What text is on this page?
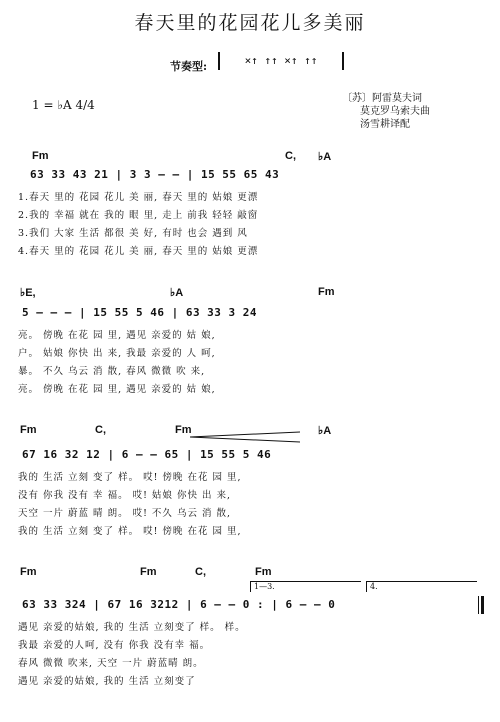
春天里的花园花儿多美丽
节奏型:	×↑ ↑↑ ×↑ ↑↑
1 = ♭A 4/4	〔苏〕阿雷莫夫词
莫克罗乌索夫曲
汤雪耕译配
Fm	C, ♭A
63 33 43 21 | 3 3 — — | 15 55 65 43
1.春天 里的 花园 花儿 美 丽, 春天 里的 姑娘 更漂
2.我的 幸福 就在 我的 眼 里, 走上 前我 轻轻 敲窗
3.我们 大家 生活 都很 美 好, 有时 也会 遇到 风
4.春天 里的 花园 花儿 美 丽, 春天 里的 姑娘 更漂
♭E,	♭A	Fm
5 — — — | 15 55 5 46 | 63 33 3 24
亮。 傍晚 在花 园 里, 遇见 亲爱的 姑 娘,
户。 姑娘 你快 出 来, 我最 亲爱的 人 呵,
暴。 不久 乌云 消 散, 春风 微微 吹 来,
亮。 傍晚 在花 园 里, 遇见 亲爱的 姑 娘,
Fm	C,	Fm	♭A
67 16 32 12 | 6 — — 65 | 15 55 5 46
我的 生活 立刻 变了 样。 哎! 傍晚 在花 园 里,
没有 你我 没有 幸 福。 哎! 姑娘 你快 出 来,
天空 一片 蔚蓝 晴 朗。 哎! 不久 乌云 消 散,
我的 生活 立刻 变了 样。 哎! 傍晚 在花 园 里,
Fm	Fm	C,	Fm
1—3.	4.
63 33 324 | 67 16 3212 | 6 — — 0 : | 6 — — 0
遇见 亲爱的姑娘, 我的 生活 立刻变了 样。 样。
我最 亲爱的人呵, 没有 你我 没有幸 福。
春风 微微 吹来, 天空 一片 蔚蓝晴 朗。
遇见 亲爱的姑娘, 我的 生活 立刻变了
